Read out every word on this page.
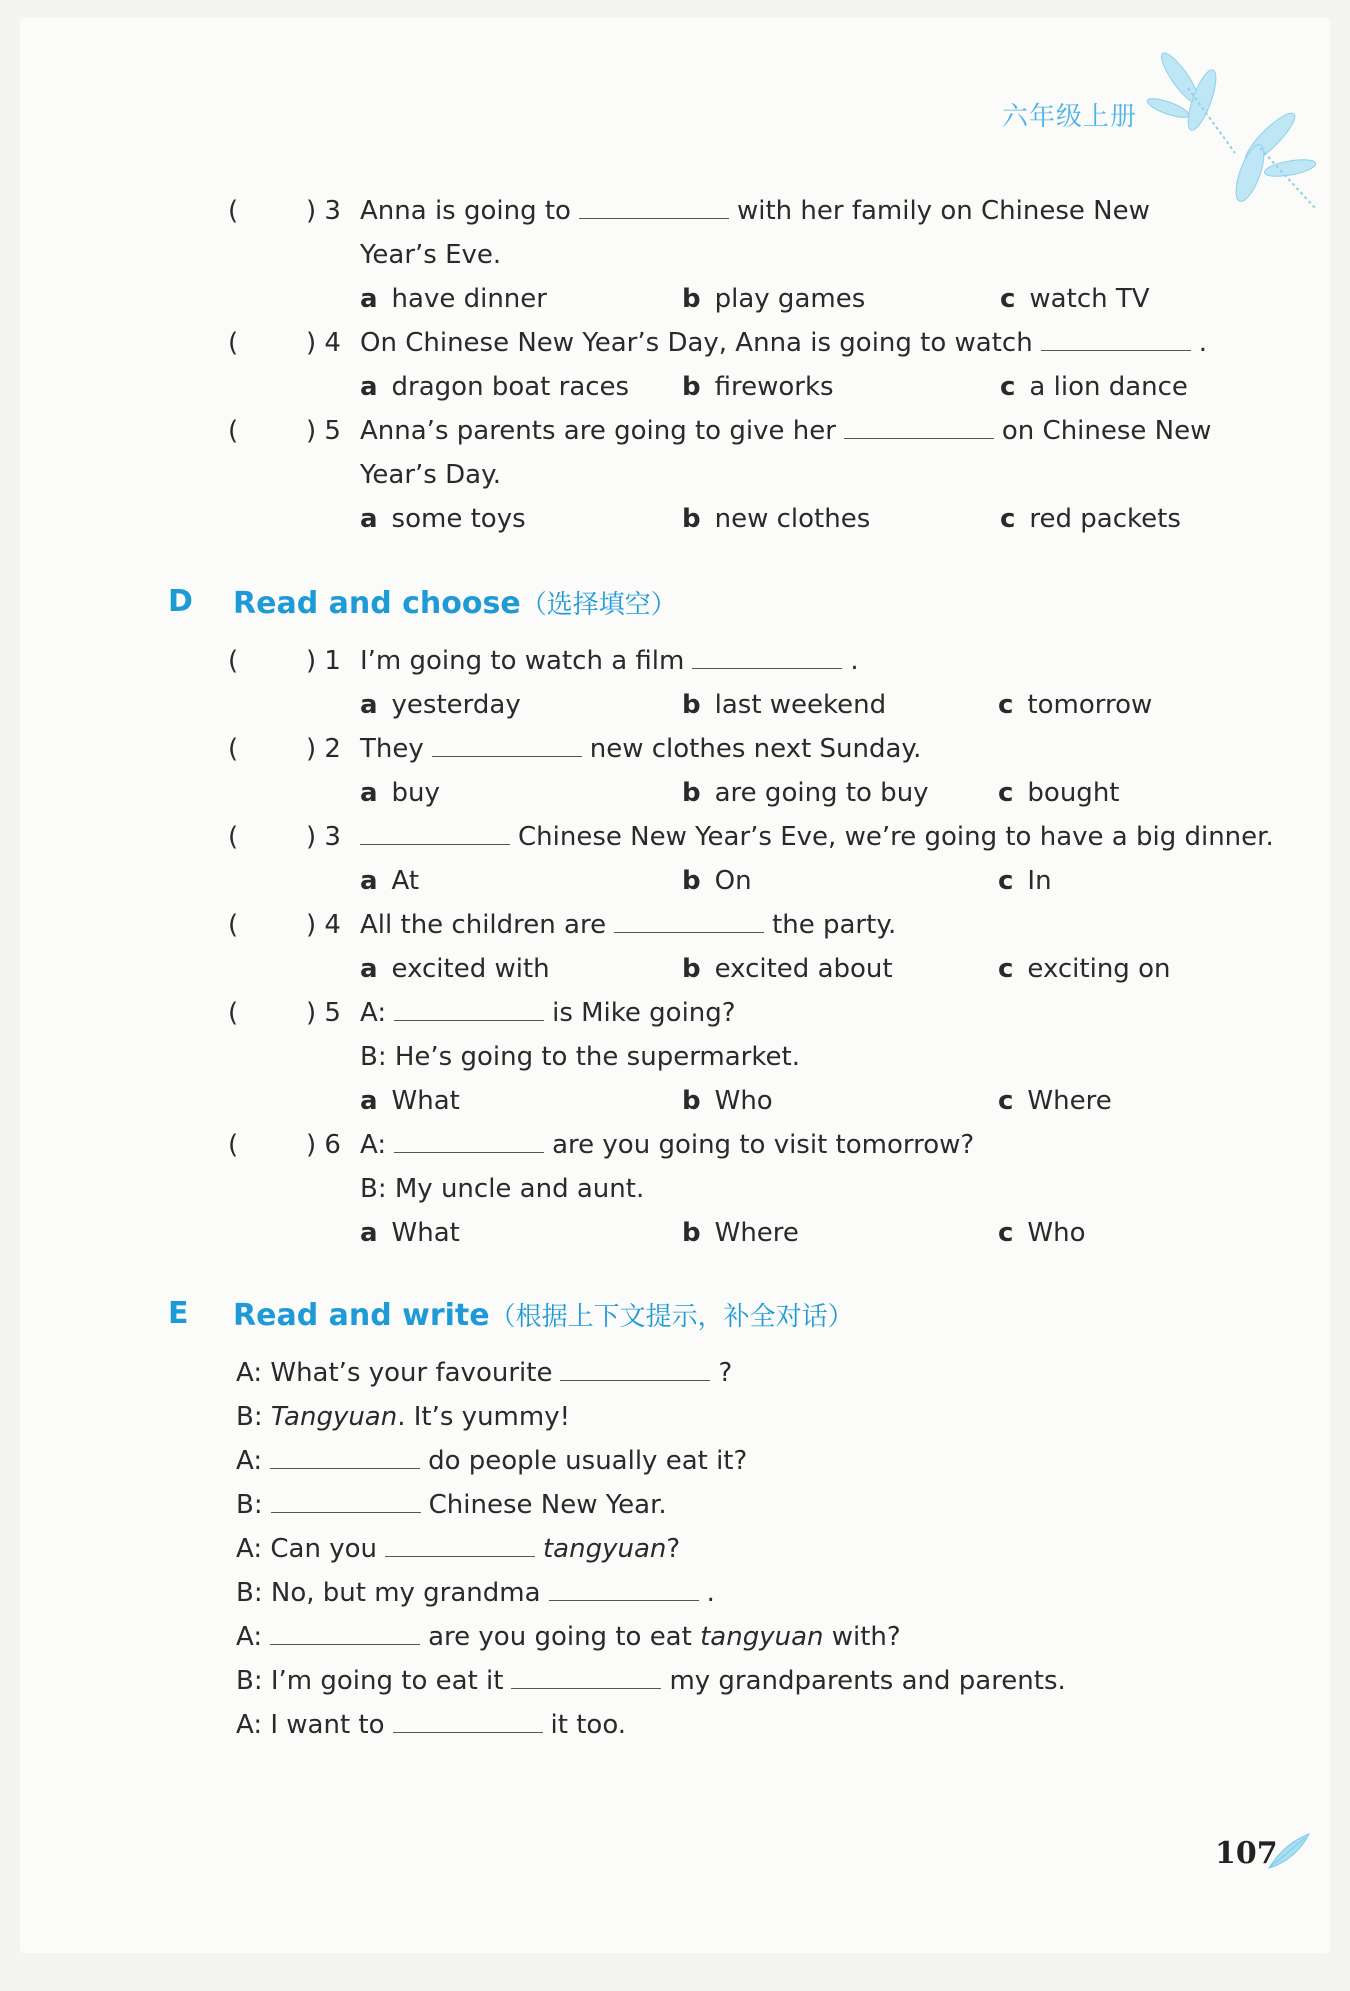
六年级上册
(	) 3 Anna is going to	with her family on Chinese New
Year’s Eve.
a have dinner	b play games	c watch TV
(	) 4 On Chinese New Year’s Day, Anna is going to watch	.
a dragon boat races b fireworks	c a lion dance
(	) 5 Anna’s parents are going to give her	on Chinese New
Year’s Day.
a some toys	b new clothes	c red packets
D Read and choose（选择填空）
(	) 1 I’m going to watch a film	.
a yesterday	b last weekend	c tomorrow
(	) 2 They	new clothes next Sunday.
a buy	b are going to buy	c bought
(	) 3	Chinese New Year’s Eve, we’re going to have a big dinner.
a At	b On	c In
(	) 4 All the children are	the party.
a excited with	b excited about	c exciting on
(	) 5 A:	is Mike going?
B: He’s going to the supermarket.
a What	b Who	c Where
(	) 6 A:	are you going to visit tomorrow?
B: My uncle and aunt.
a What	b Where	c Who
E Read and write（根据上下文提示，补全对话）
A: What’s your favourite	?
B: Tangyuan. It’s yummy!
A:	do people usually eat it?
B:	Chinese New Year.
A: Can you	tangyuan?
B: No, but my grandma	.
A:	are you going to eat tangyuan with?
B: I’m going to eat it	my grandparents and parents.
A: I want to	it too.
107
